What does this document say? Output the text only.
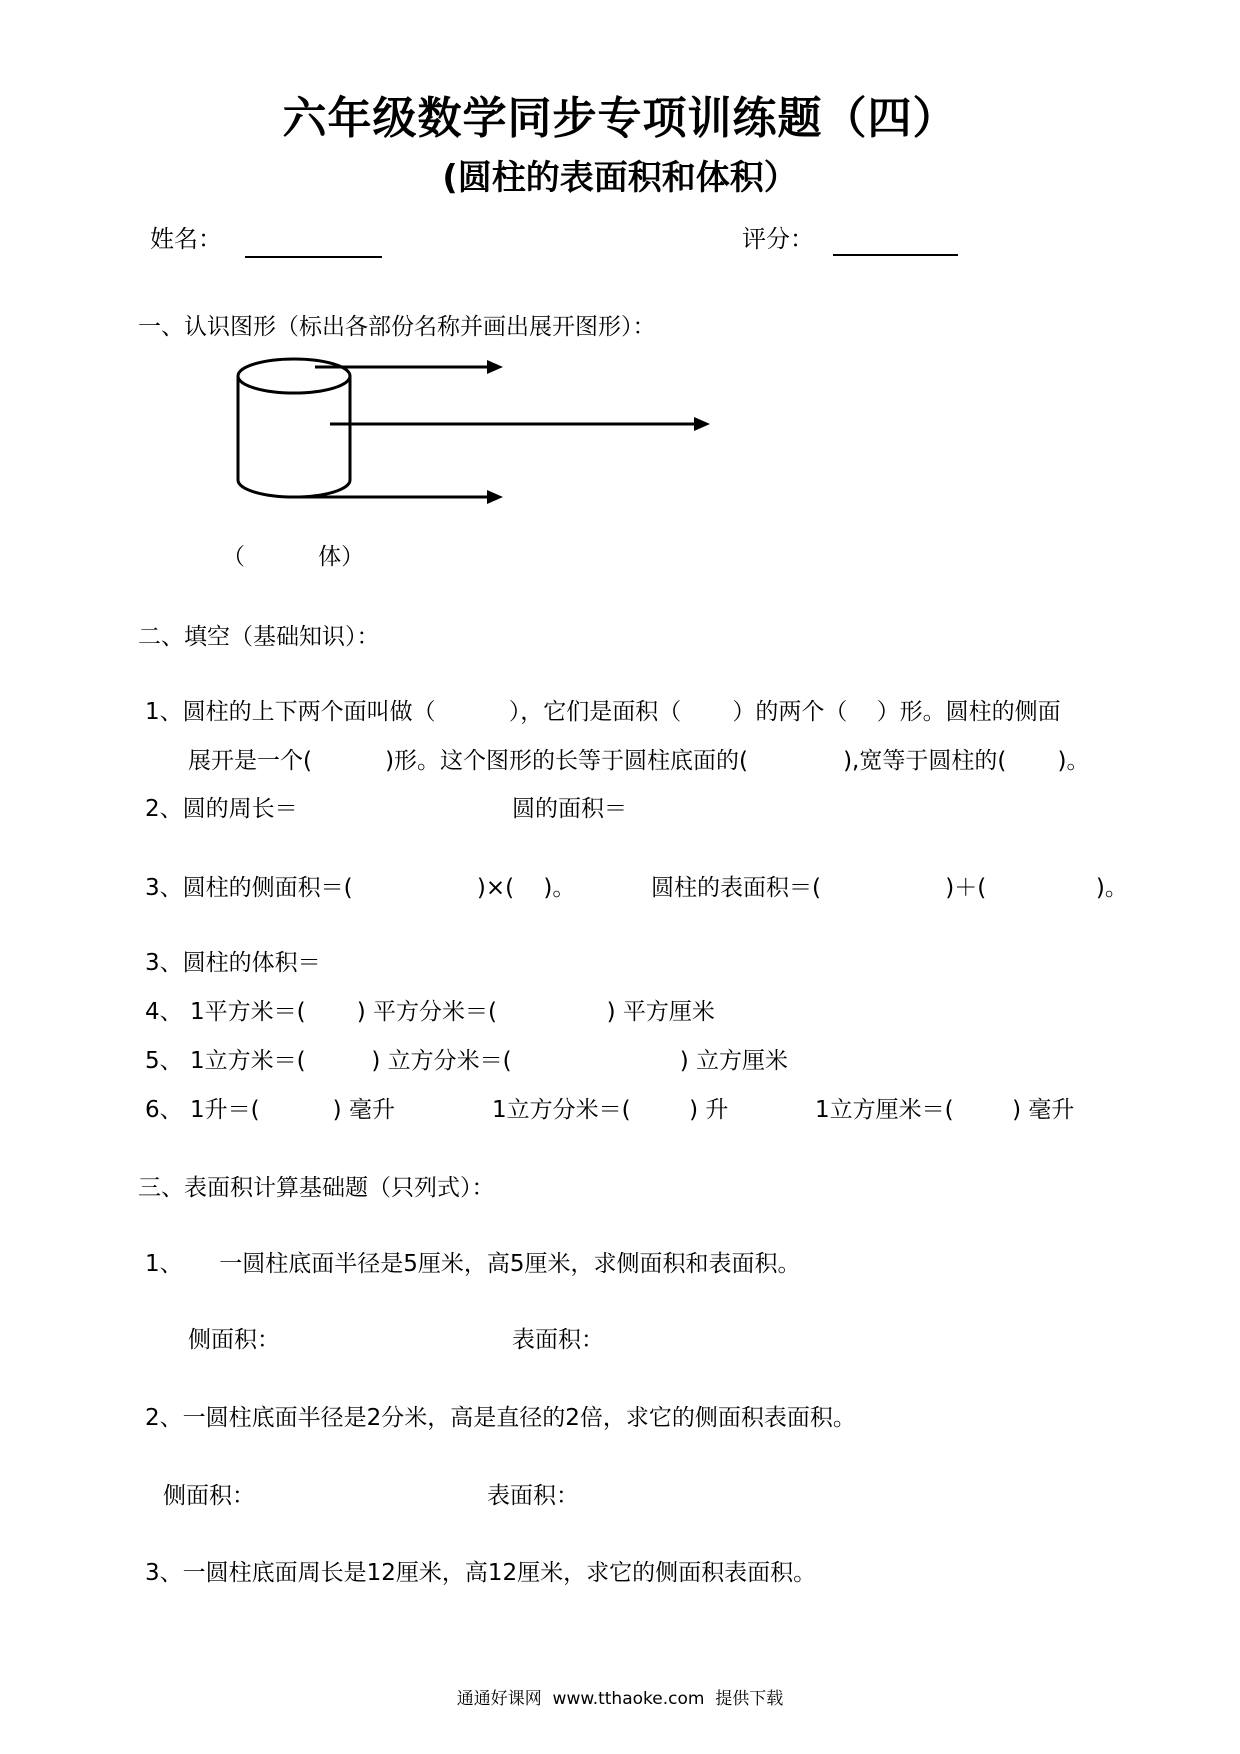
六年级数学同步专项训练题（四）
(圆柱的表面积和体积）
姓名：	评分：
一、认识图形（标出各部份名称并画出展开图形）：
（          体）
二、填空（基础知识）：
1、圆柱的上下两个面叫做（          ），它们是面积（       ）的两个（    ）形。圆柱的侧面
展开是一个(          )形。这个图形的长等于圆柱底面的(             ),宽等于圆柱的(       )。
2、圆的周长＝	圆的面积＝
3、圆柱的侧面积＝(                 )×(    )。	圆柱的表面积＝(                 )＋(               )。
3、圆柱的体积＝
4、 1平方米＝(       ) 平方分米＝(               ) 平方厘米
5、 1立方米＝(         ) 立方分米＝(                       ) 立方厘米
6、 1升＝(          ) 毫升	1立方分米＝(        ) 升	1立方厘米＝(        ) 毫升
三、表面积计算基础题（只列式）：
1、     一圆柱底面半径是5厘米，高5厘米，求侧面积和表面积。
侧面积：	表面积：
2、一圆柱底面半径是2分米，高是直径的2倍，求它的侧面积表面积。
侧面积：	表面积：
3、一圆柱底面周长是12厘米，高12厘米，求它的侧面积表面积。
通通好课网  www.tthaoke.com  提供下载
